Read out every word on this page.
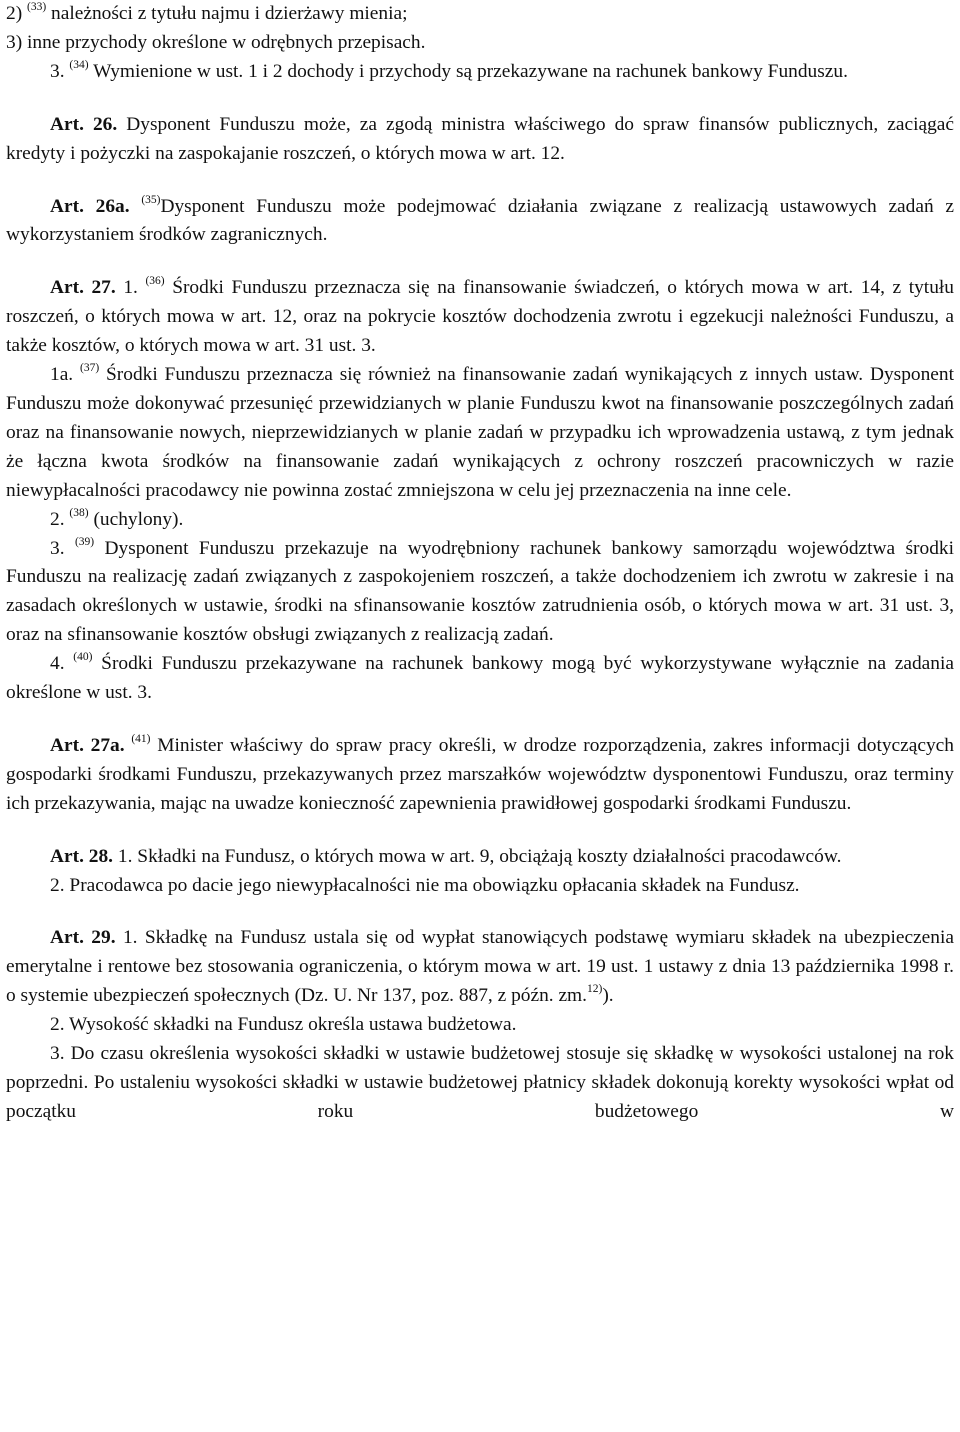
2) $^{(33)}$ należności z tytułu najmu i dzierżawy mienia;

3) inne przychody określone w odrębnych przepisach.

3. $^{(34)}$ Wymienione w ust. 1 i 2 dochody i przychody są przekazywane na rachunek bankowy Funduszu.

Art. 26. Dysponent Funduszu może, za zgodą ministra właściwego do spraw finansów publicznych, zaciągać kredyty i pożyczki na zaspokajanie roszczeń, o których mowa w art. 12.

Art. 26a. $^{(35)}$Dysponent Funduszu może podejmować działania związane z realizacją ustawowych zadań z wykorzystaniem środków zagranicznych.

Art. 27. 1. $^{(36)}$ Środki Funduszu przeznacza się na finansowanie świadczeń, o których mowa w art. 14, z tytułu roszczeń, o których mowa w art. 12, oraz na pokrycie kosztów dochodzenia zwrotu i egzekucji należności Funduszu, a także kosztów, o których mowa w art. 31 ust. 3.

1a. $^{(37)}$ Środki Funduszu przeznacza się również na finansowanie zadań wynikających z innych ustaw. Dysponent Funduszu może dokonywać przesunięć przewidzianych w planie Funduszu kwot na finansowanie poszczególnych zadań oraz na finansowanie nowych, nieprzewidzianych w planie zadań w przypadku ich wprowadzenia ustawą, z tym jednak że łączna kwota środków na finansowanie zadań wynikających z ochrony roszczeń pracowniczych w razie niewypłacalności pracodawcy nie powinna zostać zmniejszona w celu jej przeznaczenia na inne cele.

2. $^{(38)}$ (uchylony).

3. $^{(39)}$ Dysponent Funduszu przekazuje na wyodrębniony rachunek bankowy samorządu województwa środki Funduszu na realizację zadań związanych z zaspokojeniem roszczeń, a także dochodzeniem ich zwrotu w zakresie i na zasadach określonych w ustawie, środki na sfinansowanie kosztów zatrudnienia osób, o których mowa w art. 31 ust. 3, oraz na sfinansowanie kosztów obsługi związanych z realizacją zadań.

4. $^{(40)}$ Środki Funduszu przekazywane na rachunek bankowy mogą być wykorzystywane wyłącznie na zadania określone w ust. 3.

Art. 27a. $^{(41)}$ Minister właściwy do spraw pracy określi, w drodze rozporządzenia, zakres informacji dotyczących gospodarki środkami Funduszu, przekazywanych przez marszałków województw dysponentowi Funduszu, oraz terminy ich przekazywania, mając na uwadze konieczność zapewnienia prawidłowej gospodarki środkami Funduszu.

Art. 28. 1. Składki na Fundusz, o których mowa w art. 9, obciążają koszty działalności pracodawców.

2. Pracodawca po dacie jego niewypłacalności nie ma obowiązku opłacania składek na Fundusz.

Art. 29. 1. Składkę na Fundusz ustala się od wypłat stanowiących podstawę wymiaru składek na ubezpieczenia emerytalne i rentowe bez stosowania ograniczenia, o którym mowa w art. 19 ust. 1 ustawy z dnia 13 października 1998 r. o systemie ubezpieczeń społecznych (Dz. U. Nr 137, poz. 887, z późn. zm.$^{12)}$).

2. Wysokość składki na Fundusz określa ustawa budżetowa.

3. Do czasu określenia wysokości składki w ustawie budżetowej stosuje się składkę w wysokości ustalonej na rok poprzedni. Po ustaleniu wysokości składki w ustawie budżetowej płatnicy składek dokonują korekty wysokości wpłat od początku roku budżetowego w
